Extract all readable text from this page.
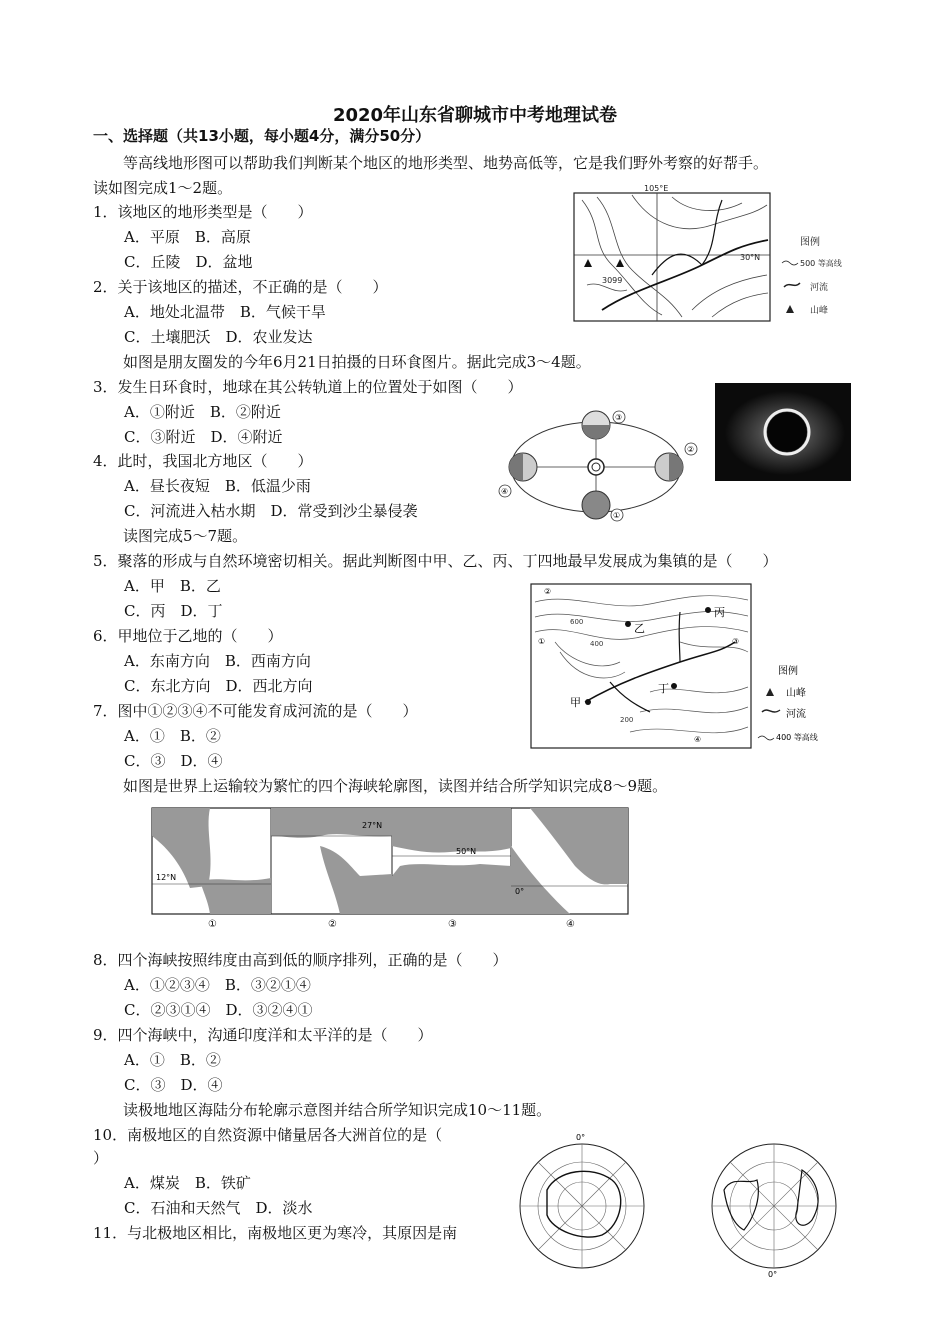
2020年山东省聊城市中考地理试卷
一、选择题（共13小题，每小题4分，满分50分）
等高线地形图可以帮助我们判断某个地区的地形类型、地势高低等，它是我们野外考察的好帮手。
读如图完成1～2题。
1．该地区的地形类型是（　　）
A．平原　B．高原
C．丘陵　D．盆地
2．关于该地区的描述，不正确的是（　　）
A．地处北温带　B．气候干旱
C．土壤肥沃　D．农业发达
如图是朋友圈发的今年6月21日拍摄的日环食图片。据此完成3～4题。
3．发生日环食时，地球在其公转轨道上的位置处于如图（　　）
A．①附近　B．②附近
C．③附近　D．④附近
4．此时，我国北方地区（　　）
A．昼长夜短　B．低温少雨
C．河流进入枯水期　D．常受到沙尘暴侵袭
读图完成5～7题。
5．聚落的形成与自然环境密切相关。据此判断图中甲、乙、丙、丁四地最早发展成为集镇的是（　　）
A．甲　B．乙
C．丙　D．丁
6．甲地位于乙地的（　　）
A．东南方向　B．西南方向
C．东北方向　D．西北方向
7．图中①②③④不可能发育成河流的是（　　）
A．①　B．②
C．③　D．④
如图是世界上运输较为繁忙的四个海峡轮廓图，读图并结合所学知识完成8～9题。
8．四个海峡按照纬度由高到低的顺序排列，正确的是（　　）
A．①②③④　B．③②①④
C．②③①④　D．③②④①
9．四个海峡中，沟通印度洋和太平洋的是（　　）
A．①　B．②
C．③　D．④
读极地地区海陆分布轮廓示意图并结合所学知识完成10～11题。
10．南极地区的自然资源中储量居各大洲首位的是（
）
A．煤炭　B．铁矿
C．石油和天然气　D．淡水
11．与北极地区相比，南极地区更为寒冷，其原因是南
3099
105°E
30°N
图例
500 等高线
河流
山峰
③
②
①
④
甲
乙
丙
丁
①
②
③
④
600
400
200
图例
山峰
河流
400 等高线
12°N
27°N
50°N
0°
①	②	③	④
0°
0°
